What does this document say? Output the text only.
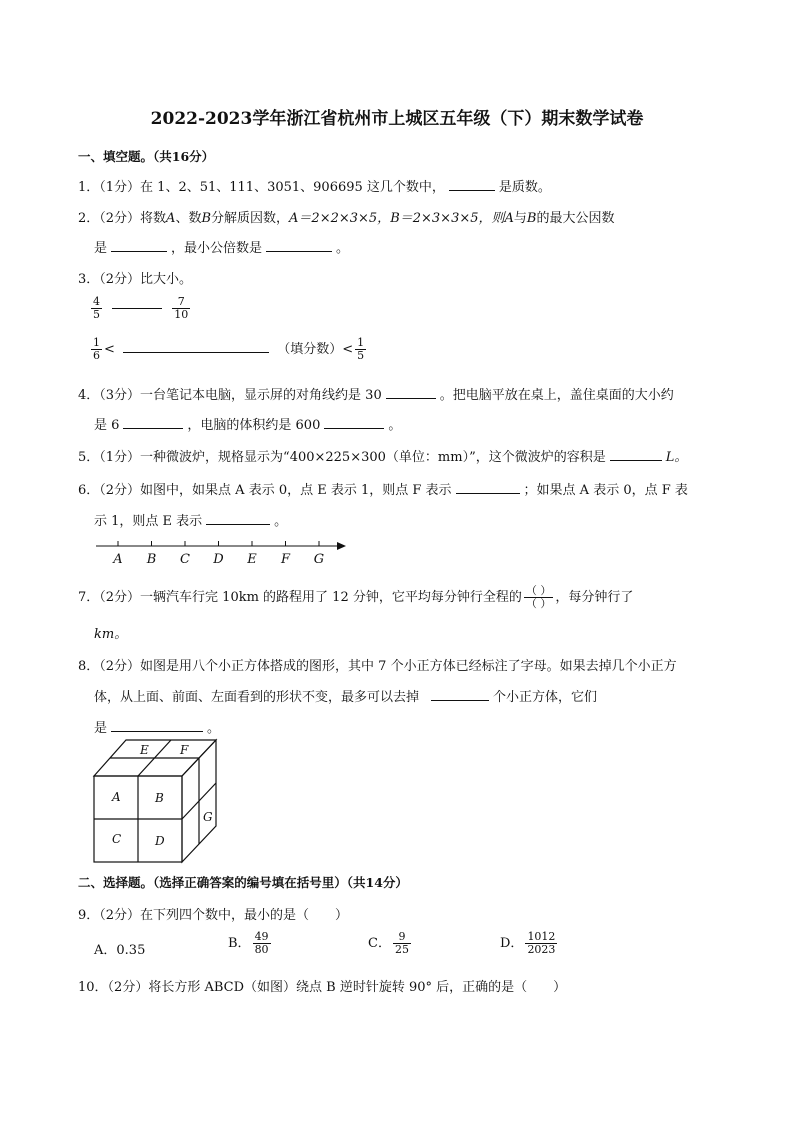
2022-2023学年浙江省杭州市上城区五年级（下）期末数学试卷
一、填空题。（共16分）
1．（1分）在 1、2、51、111、3051、906695 这几个数中，	是质数。
2．（2分）将数A、数B分解质因数，A＝2×2×3×5，B＝2×3×3×5，则A与B的最大公因数
是	，最小公倍数是	。
3．（2分）比大小。
$\frac{4}{5}$
	$\frac{7}{10}$
$\frac{1}{6}$ <	（填分数）< $\frac{1}{5}$
4．（3分）一台笔记本电脑，显示屏的对角线约是 30	。把电脑平放在桌上，盖住桌面的大小约
是 6	，电脑的体积约是 600	。
5．（1分）一种微波炉，规格显示为“400×225×300（单位：mm）”，这个微波炉的容积是	L。
6．（2分）如图中，如果点 A 表示 0，点 E 表示 1，则点 F 表示	；如果点 A 表示 0，点 F 表
示 1，则点 E 表示	。
A B C D E F G
7．（2分）一辆汽车行完 10km 的路程用了 12 分钟，它平均每分钟行全程的 $\frac{( )}{( )}$ ，每分钟行了
km。
8．（2分）如图是用八个小正方体搭成的图形，其中 7 个小正方体已经标注了字母。如果去掉几个小正方
体，从上面、前面、左面看到的形状不变，最多可以去掉	个小正方体，它们
是	。
E	F
A	B
C	D
G
二、选择题。（选择正确答案的编号填在括号里）（共14分）
9．（2分）在下列四个数中，最小的是（　　）
A．0.35	B． $\frac{49}{80}$	C． $\frac{9}{25}$	D． $\frac{1012}{2023}$
10．（2分）将长方形 ABCD（如图）绕点 B 逆时针旋转 90° 后，正确的是（　　）
